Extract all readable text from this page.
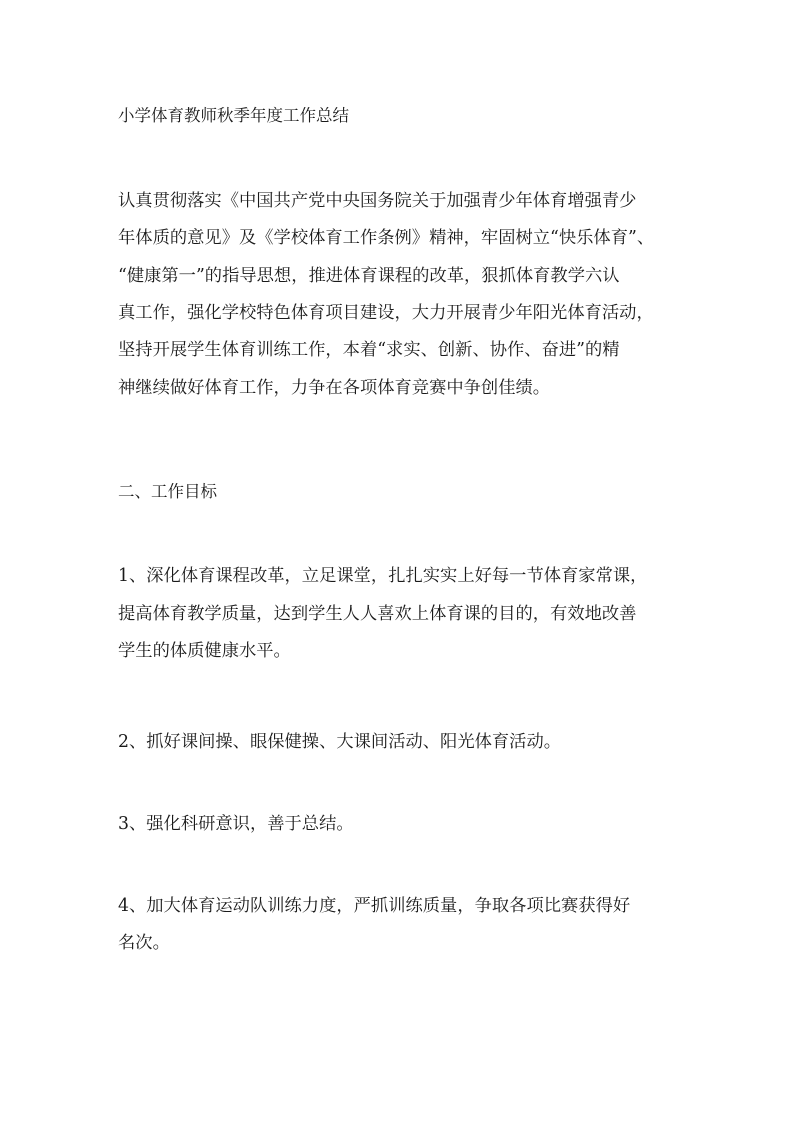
小学体育教师秋季年度工作总结
认真贯彻落实《中国共产党中央国务院关于加强青少年体育增强青少
年体质的意见》及《学校体育工作条例》精神，牢固树立“快乐体育”、
“健康第一”的指导思想，推进体育课程的改革，狠抓体育教学六认
真工作，强化学校特色体育项目建设，大力开展青少年阳光体育活动，
坚持开展学生体育训练工作，本着“求实、创新、协作、奋进”的精
神继续做好体育工作，力争在各项体育竞赛中争创佳绩。
二、工作目标
1、深化体育课程改革，立足课堂，扎扎实实上好每一节体育家常课，
提高体育教学质量，达到学生人人喜欢上体育课的目的，有效地改善
学生的体质健康水平。
2、抓好课间操、眼保健操、大课间活动、阳光体育活动。
3、强化科研意识，善于总结。
4、加大体育运动队训练力度，严抓训练质量，争取各项比赛获得好
名次。
